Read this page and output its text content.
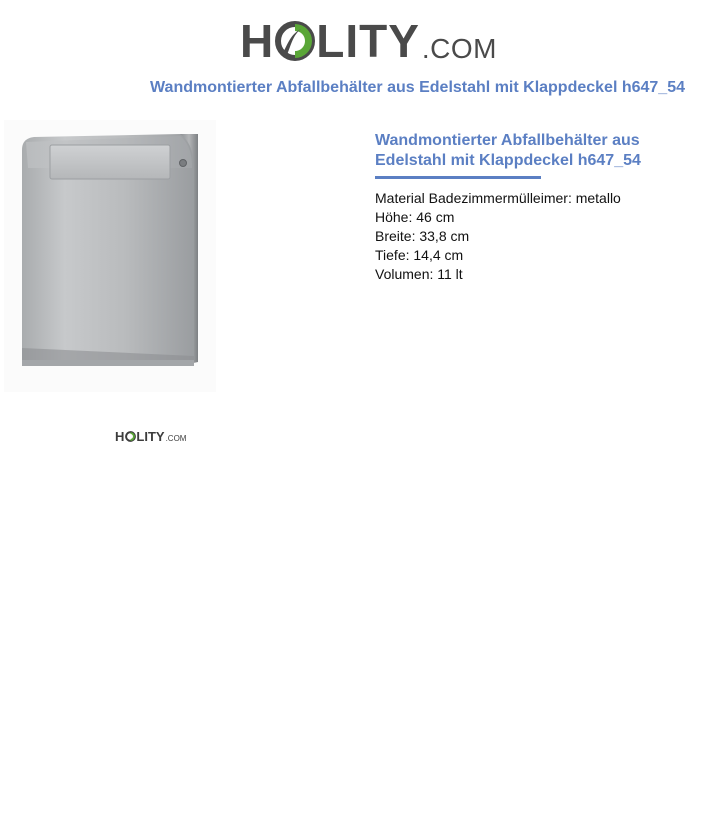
H LITY .COM
Wandmontierter Abfallbehälter aus Edelstahl mit Klappdeckel h647_54
H LITY .COM
Wandmontierter Abfallbehälter aus Edelstahl mit Klappdeckel h647_54

Material Badezimmermülleimer: metallo

Höhe: 46 cm

Breite: 33,8 cm

Tiefe: 14,4 cm

Volumen: 11 lt
